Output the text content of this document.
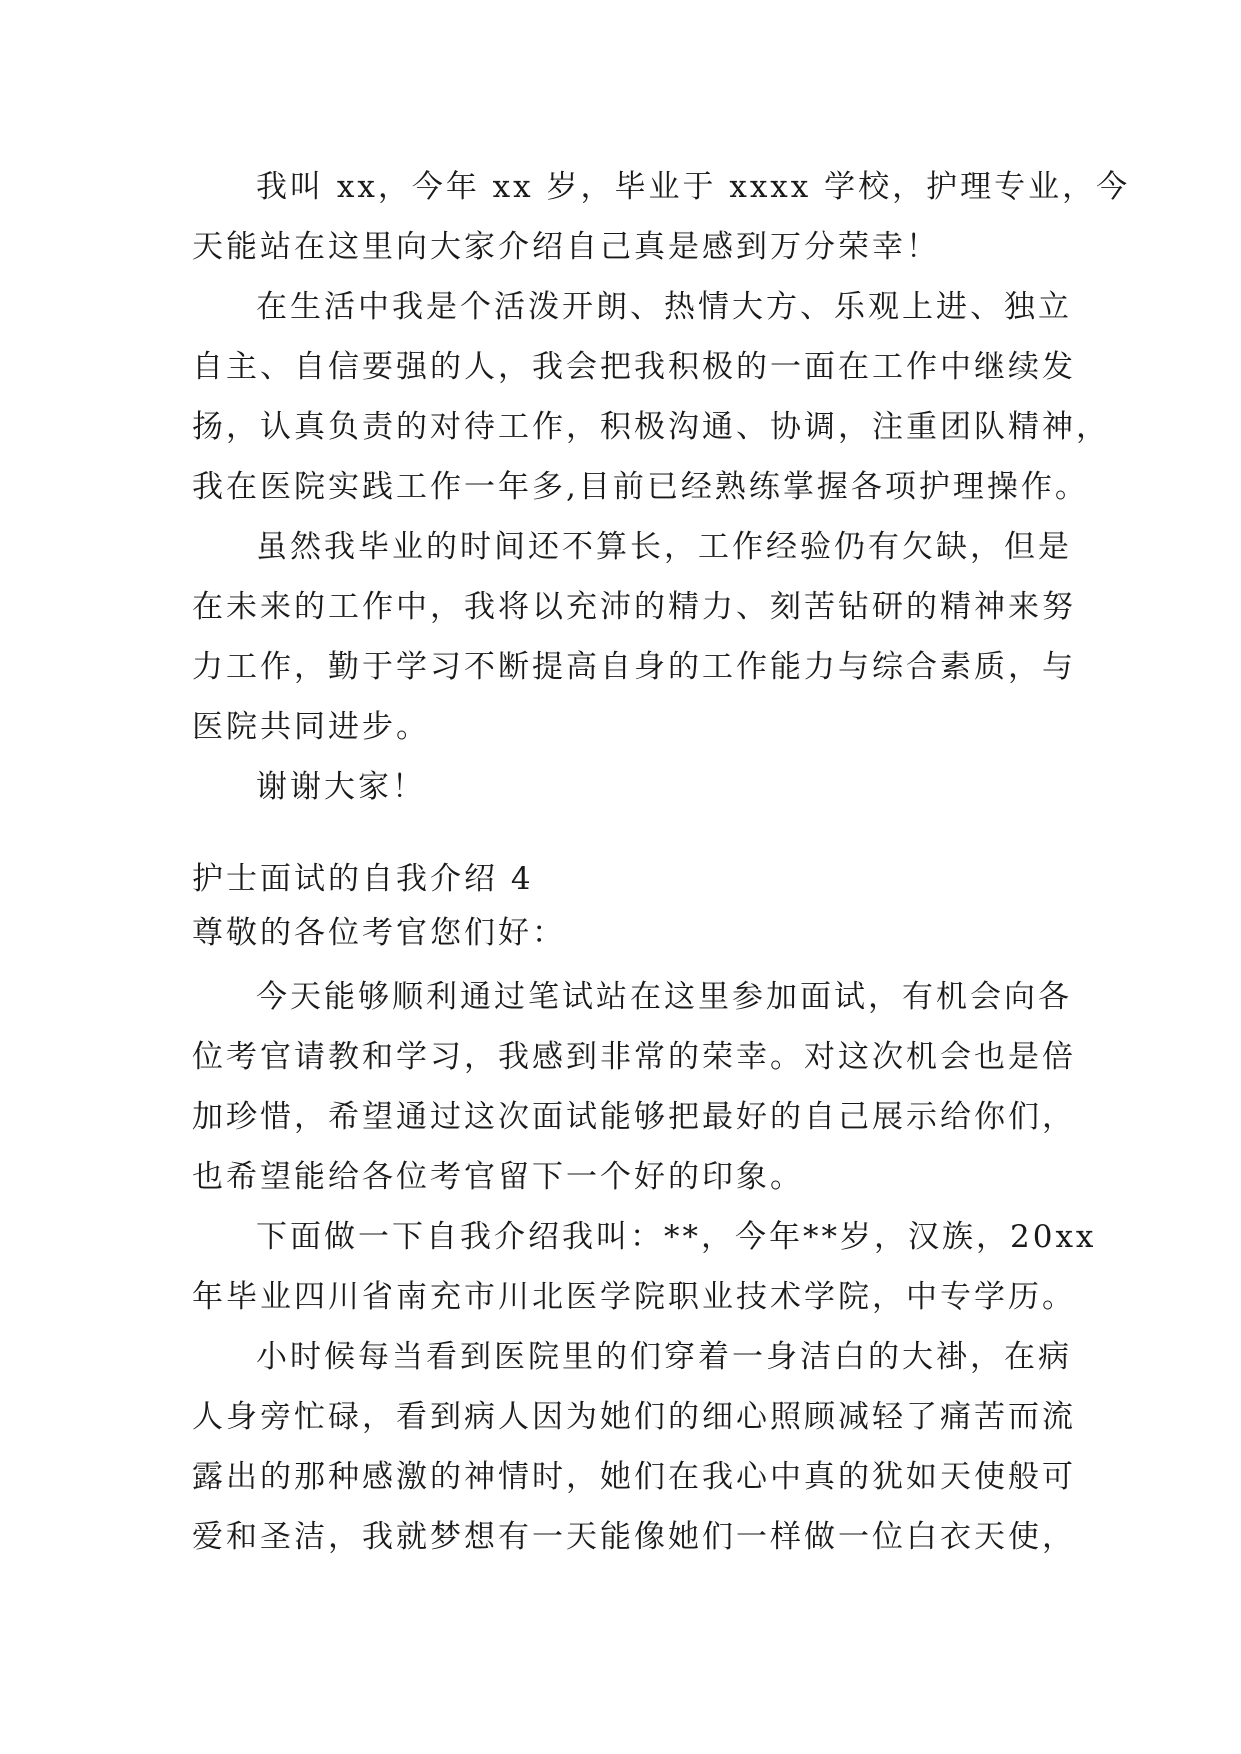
我叫 xx，今年 xx 岁，毕业于 xxxx 学校，护理专业，今
天能站在这里向大家介绍自己真是感到万分荣幸！
在生活中我是个活泼开朗、热情大方、乐观上进、独立
自主、自信要强的人，我会把我积极的一面在工作中继续发
扬，认真负责的对待工作，积极沟通、协调，注重团队精神，
我在医院实践工作一年多,目前已经熟练掌握各项护理操作。
虽然我毕业的时间还不算长，工作经验仍有欠缺，但是
在未来的工作中，我将以充沛的精力、刻苦钻研的精神来努
力工作，勤于学习不断提高自身的工作能力与综合素质，与
医院共同进步。
谢谢大家！
护士面试的自我介绍 4
尊敬的各位考官您们好：
今天能够顺利通过笔试站在这里参加面试，有机会向各
位考官请教和学习，我感到非常的荣幸。对这次机会也是倍
加珍惜，希望通过这次面试能够把最好的自己展示给你们，
也希望能给各位考官留下一个好的印象。
下面做一下自我介绍我叫：**，今年**岁，汉族，20xx
年毕业四川省南充市川北医学院职业技术学院，中专学历。
小时候每当看到医院里的们穿着一身洁白的大褂，在病
人身旁忙碌，看到病人因为她们的细心照顾减轻了痛苦而流
露出的那种感激的神情时，她们在我心中真的犹如天使般可
爱和圣洁，我就梦想有一天能像她们一样做一位白衣天使，
